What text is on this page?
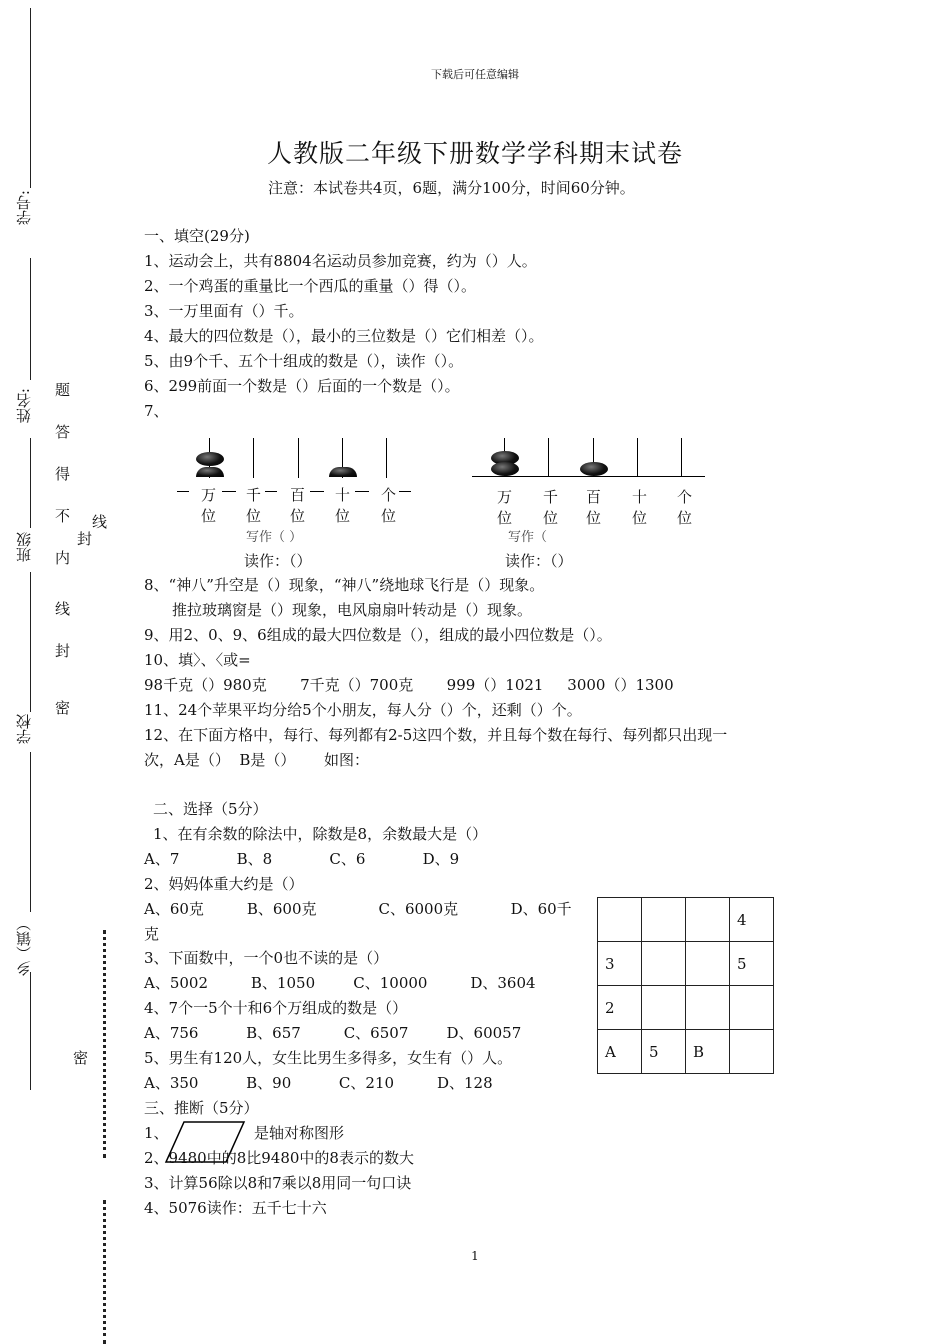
下载后可任意编辑
人教版二年级下册数学学科期末试卷
注意：本试卷共4页，6题，满分100分，时间60分钟。
学号:
姓名:
班级
学校
乡（镇）
题
答
得
不
内
线
封
密
线
封
密
一、填空(29分)
1、运动会上，共有8804名运动员参加竞赛，约为（）人。
2、一个鸡蛋的重量比一个西瓜的重量（）得（）。
3、一万里面有（）千。
4、最大的四位数是（），最小的三位数是（）它们相差（）。
5、由9个千、五个十组成的数是（），读作（）。
6、299前面一个数是（）后面的一个数是（）。
7、
万 千 百 十 个
位 位 位 位 位
写作（ ）
读作：（）
万 千 百 十 个
位 位 位 位 位
写作（
读作：（）
8、“神八”升空是（）现象，“神八”绕地球飞行是（）现象。
推拉玻璃窗是（）现象，电风扇扇叶转动是（）现象。
9、用2、0、9、6组成的最大四位数是（），组成的最小四位数是（）。
10、填〉、〈或=
98千克（）980克       7千克（）700克       999（）1021     3000（）1300
11、24个苹果平均分给5个小朋友，每人分（）个，还剩（）个。
12、在下面方格中，每行、每列都有2-5这四个数，并且每个数在每行、每列都只出现一
次，A是（）  B是（）      如图：
二、选择（5分）
1、在有余数的除法中，除数是8，余数最大是（）
A、7            B、8            C、6            D、9
2、妈妈体重大约是（）
A、60克         B、600克             C、6000克           D、60千
克
3、下面数中，一个0也不读的是（）
A、5002         B、1050        C、10000         D、3604
4、7个一5个十和6个万组成的数是（）
A、756          B、657         C、6507        D、60057
5、男生有120人，女生比男生多得多，女生有（）人。
A、350          B、90          C、210         D、128
			4
3			5
2			
A	5	B	
三、推断（5分）
1、	是轴对称图形
2、9480中的8比9480中的8表示的数大
3、计算56除以8和7乘以8用同一句口诀
4、5076读作：五千七十六
1
